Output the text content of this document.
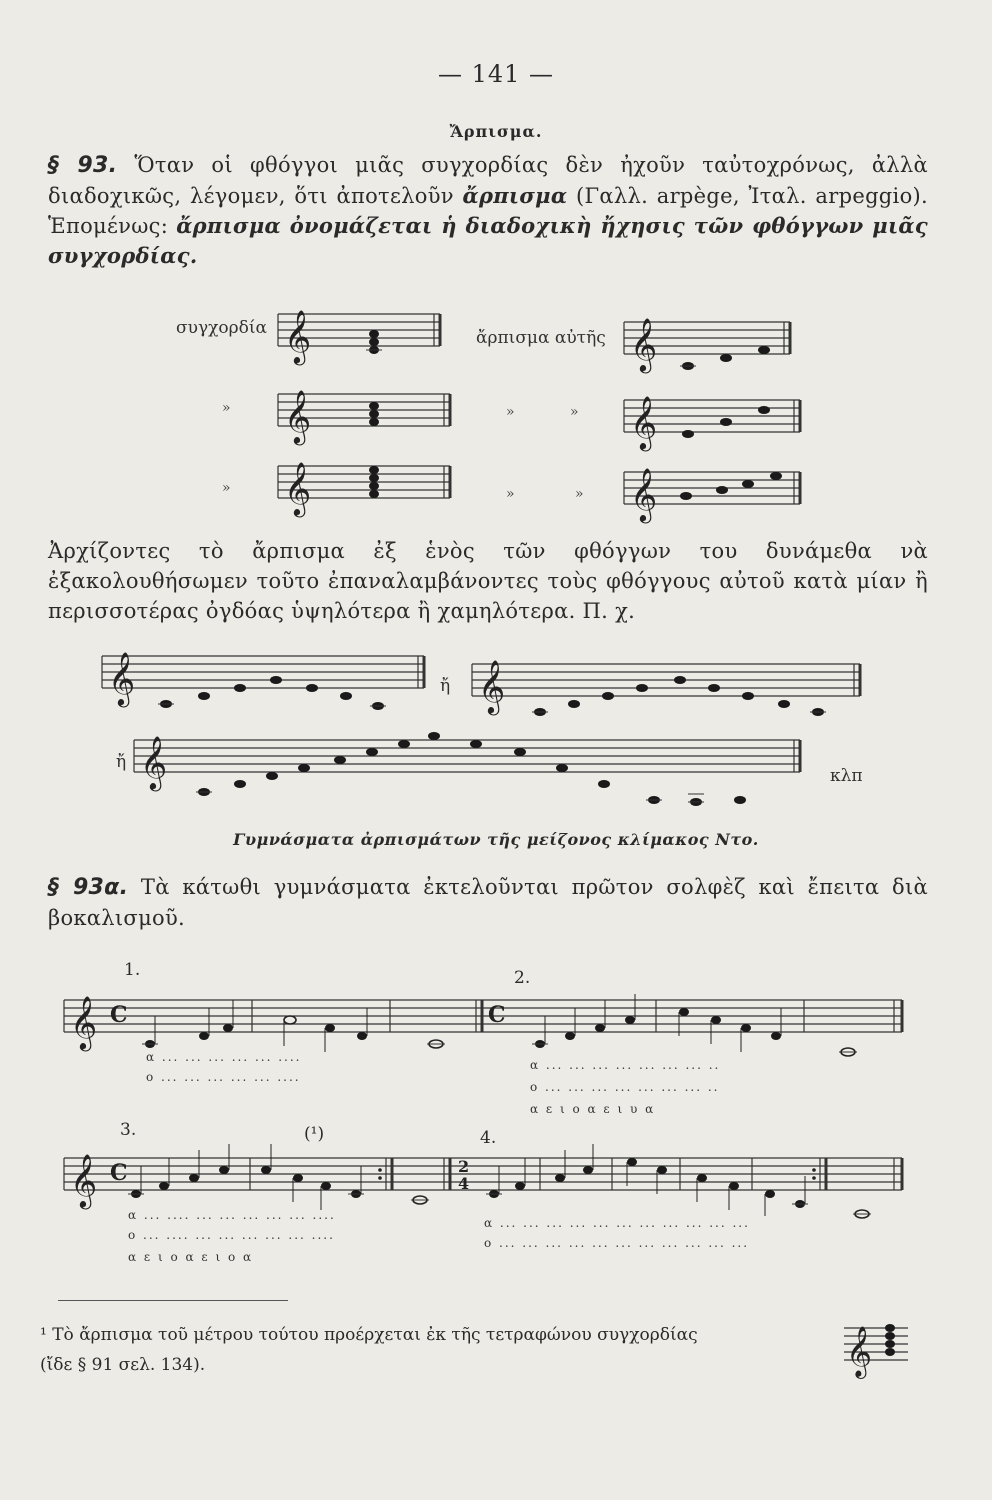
— 141 —
Ἄρπισμα.
§ 93. Ὅταν οἱ φθόγγοι μιᾶς συγχορδίας δὲν ἠχοῦν ταὐτοχρόνως, ἀλλὰ διαδοχικῶς, λέγομεν, ὅτι ἀποτελοῦν ἄρπισμα (Γαλλ. arpège, Ἰταλ. arpeggio). Ἑπομένως: ἄρπισμα ὀνομάζεται ἡ διαδοχικὴ ἤχησις τῶν φθόγγων μιᾶς συγχορδίας.
συγχορδία	ἄρπισμα αὐτῆς
»	»	»
»	»	»
𝄞	𝄞
𝄞	𝄞
𝄞	𝄞
𝄞	𝄞
𝄞
𝄞 C	C
𝄞 C	2
4
𝄞
Ἀρχίζοντες τὸ ἄρπισμα ἐξ ἑνὸς τῶν φθόγγων του δυνάμεθα νὰ ἐξακολουθήσωμεν τοῦτο ἐπαναλαμβάνοντες τοὺς φθόγγους αὐτοῦ κατὰ μίαν ἢ περισσοτέρας ὀγδόας ὑψηλότερα ἢ χαμηλότερα. Π. χ.
ἤ
ἤ
κλπ
Γυμνάσματα ἀρπισμάτων τῆς μείζονος κλίμακος Ντο.
§ 93α. Τὰ κάτωθι γυμνάσματα ἐκτελοῦνται πρῶτον σολφὲζ καὶ ἔπειτα διὰ βοκαλισμοῦ.
1.	2.
3.	(¹)	4.
α ... ... ... ... ... ....
ο ... ... ... ... ... ....
α ... ... ... ... ... ... ... ..
ο ... ... ... ... ... ... ... ..
α ε ι ο α ε ι υ α
α ... .... ... ... ... ... ... ....
ο ... .... ... ... ... ... ... ....
α ε ι ο α ε ι ο α
α ... ... ... ... ... ... ... ... ... ... ...
ο ... ... ... ... ... ... ... ... ... ... ...
¹ Τὸ ἄρπισμα τοῦ μέτρου τούτου προέρχεται ἐκ τῆς τετραφώνου συγχορδίας
(ἴδε § 91 σελ. 134).
